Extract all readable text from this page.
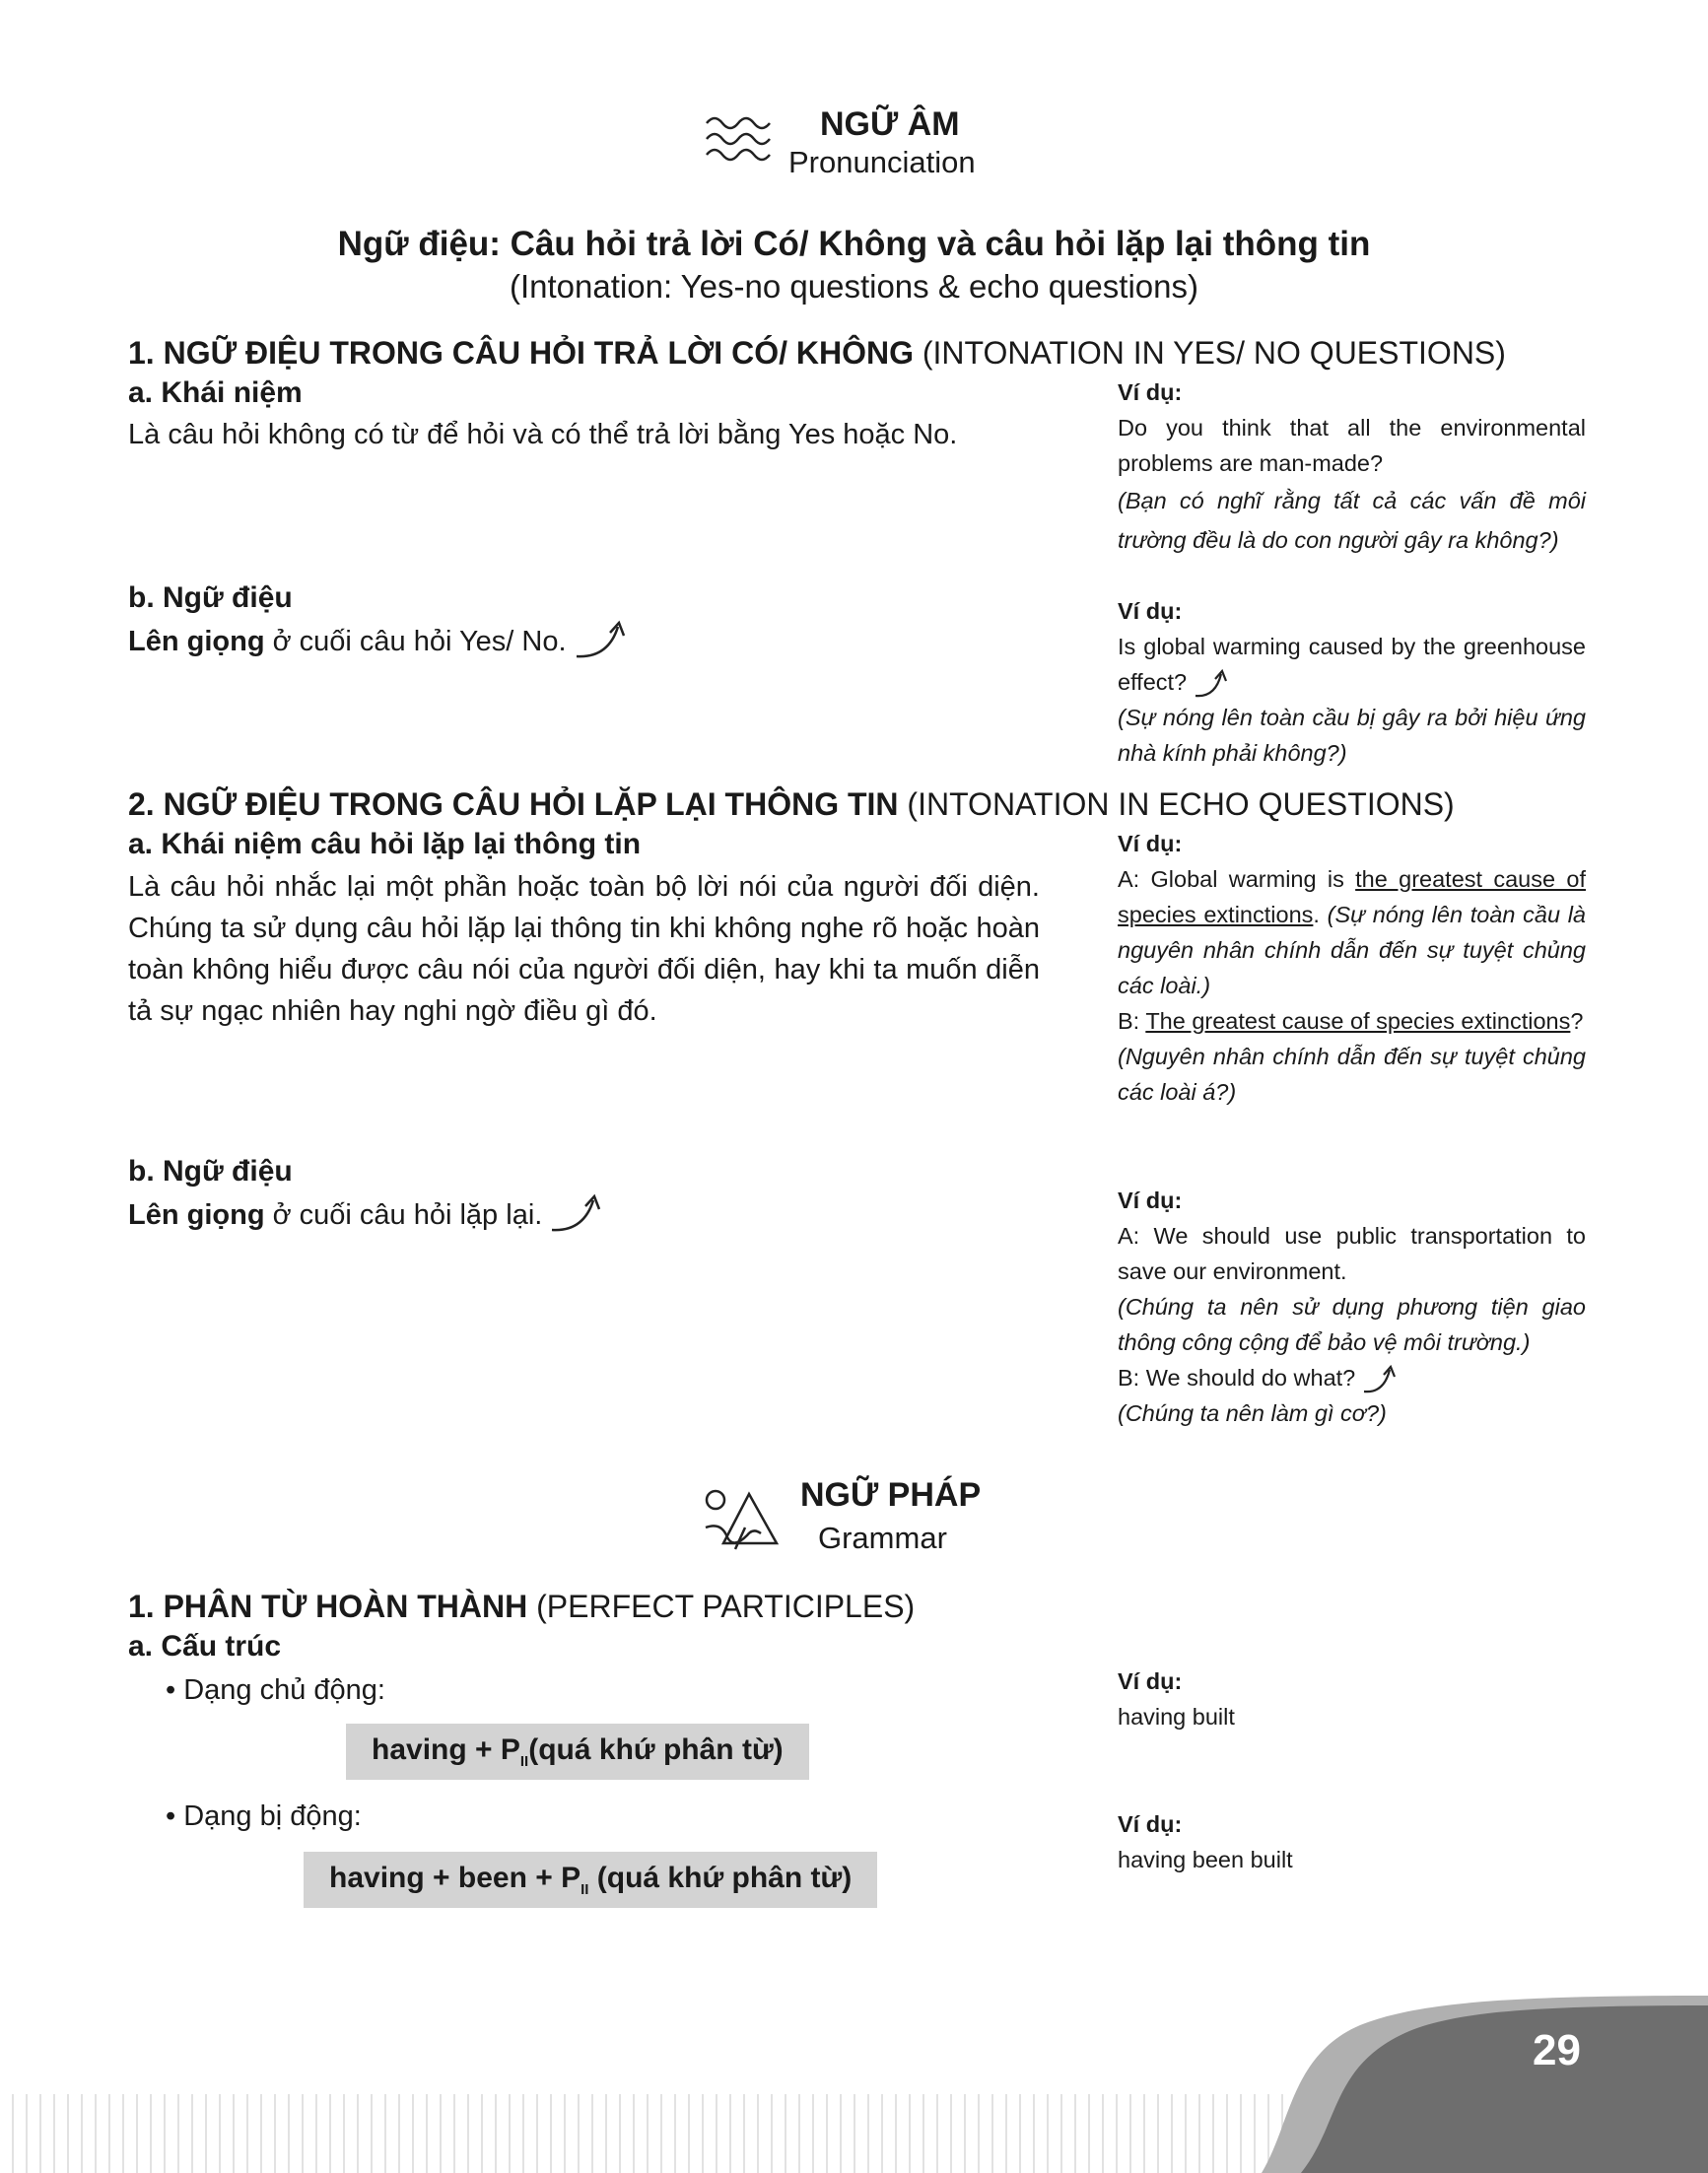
NGỮ ÂM
Pronunciation
Ngữ điệu: Câu hỏi trả lời Có/ Không và câu hỏi lặp lại thông tin
(Intonation: Yes-no questions & echo questions)
1. NGỮ ĐIỆU TRONG CÂU HỎI TRẢ LỜI CÓ/ KHÔNG (INTONATION IN YES/ NO QUESTIONS)
a. Khái niệm
Là câu hỏi không có từ để hỏi và có thể trả lời bằng Yes hoặc No.
Ví dụ:
Do you think that all the environmental problems are man-made?
(Bạn có nghĩ rằng tất cả các vấn đề môi trường đều là do con người gây ra không?)
b. Ngữ điệu
Lên giọng ở cuối câu hỏi Yes/ No.
Ví dụ:
Is global warming caused by the greenhouse effect?
(Sự nóng lên toàn cầu bị gây ra bởi hiệu ứng nhà kính phải không?)
2. NGỮ ĐIỆU TRONG CÂU HỎI LẶP LẠI THÔNG TIN (INTONATION IN ECHO QUESTIONS)
a. Khái niệm câu hỏi lặp lại thông tin
Là câu hỏi nhắc lại một phần hoặc toàn bộ lời nói của người đối diện. Chúng ta sử dụng câu hỏi lặp lại thông tin khi không nghe rõ hoặc hoàn toàn không hiểu được câu nói của người đối diện, hay khi ta muốn diễn tả sự ngạc nhiên hay nghi ngờ điều gì đó.
Ví dụ:
A: Global warming is the greatest cause of species extinctions. (Sự nóng lên toàn cầu là nguyên nhân chính dẫn đến sự tuyệt chủng các loài.)
B: The greatest cause of species extinctions?
(Nguyên nhân chính dẫn đến sự tuyệt chủng các loài á?)
b. Ngữ điệu
Lên giọng ở cuối câu hỏi lặp lại.	Ví dụ:
A: We should use public transportation to save our environment.
(Chúng ta nên sử dụng phương tiện giao thông công cộng để bảo vệ môi trường.)
B: We should do what?
(Chúng ta nên làm gì cơ?)
NGỮ PHÁP
Grammar
1. PHÂN TỪ HOÀN THÀNH (PERFECT PARTICIPLES)
a. Cấu trúc
• Dạng chủ động:
having + $P_{II}(quá$ khứ phân từ)
Ví dụ:
having built
• Dạng bị động:
having + been + $P_{II}$ (quá khứ phân từ)
Ví dụ:
having been built
29
